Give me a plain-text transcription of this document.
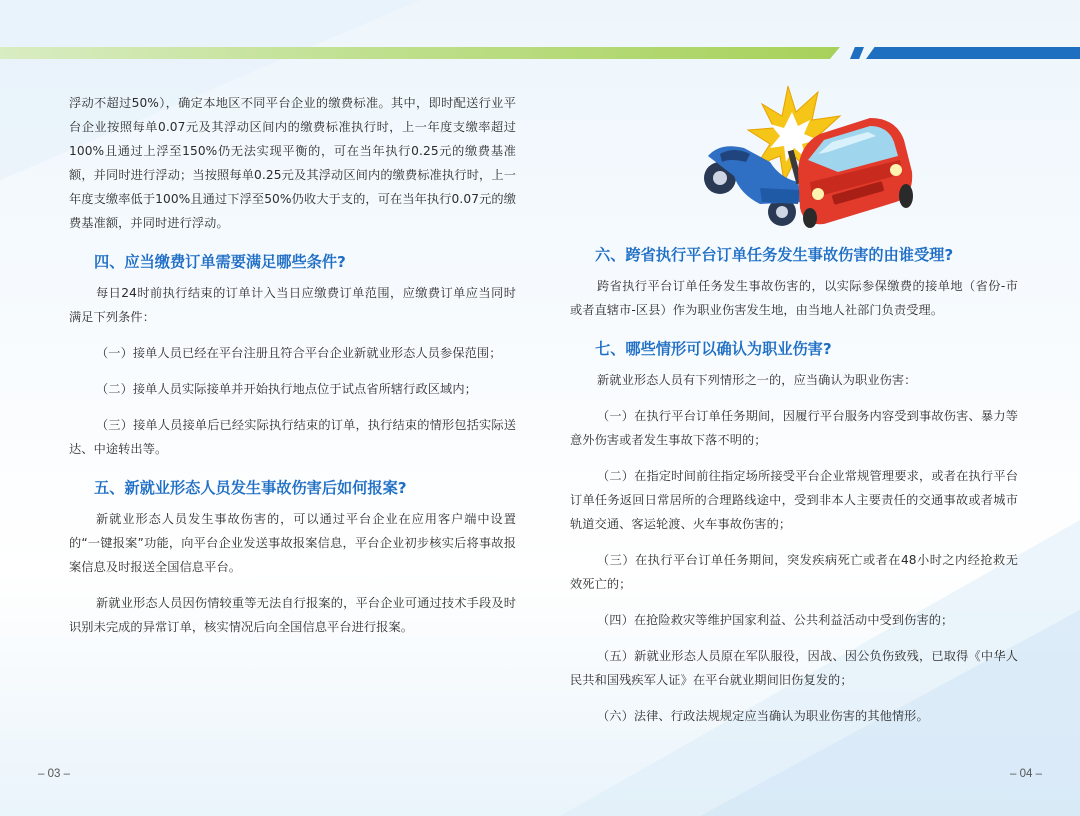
浮动不超过50%），确定本地区不同平台企业的缴费标准。其中，即时配送行业平台企业按照每单0.07元及其浮动区间内的缴费标准执行时，上一年度支缴率超过100%且通过上浮至150%仍无法实现平衡的，可在当年执行0.25元的缴费基准额，并同时进行浮动；当按照每单0.25元及其浮动区间内的缴费标准执行时，上一年度支缴率低于100%且通过下浮至50%仍收大于支的，可在当年执行0.07元的缴费基准额，并同时进行浮动。

四、应当缴费订单需要满足哪些条件?

每日24时前执行结束的订单计入当日应缴费订单范围，应缴费订单应当同时满足下列条件：

（一）接单人员已经在平台注册且符合平台企业新就业形态人员参保范围；

（二）接单人员实际接单并开始执行地点位于试点省所辖行政区域内；

（三）接单人员接单后已经实际执行结束的订单，执行结束的情形包括实际送达、中途转出等。

五、新就业形态人员发生事故伤害后如何报案?

新就业形态人员发生事故伤害的，可以通过平台企业在应用客户端中设置的“一键报案”功能，向平台企业发送事故报案信息，平台企业初步核实后将事故报案信息及时报送全国信息平台。

新就业形态人员因伤情较重等无法自行报案的，平台企业可通过技术手段及时识别未完成的异常订单，核实情况后向全国信息平台进行报案。

六、跨省执行平台订单任务发生事故伤害的由谁受理?

跨省执行平台订单任务发生事故伤害的，以实际参保缴费的接单地（省份-市或者直辖市-区县）作为职业伤害发生地，由当地人社部门负责受理。

七、哪些情形可以确认为职业伤害?

新就业形态人员有下列情形之一的，应当确认为职业伤害：

（一）在执行平台订单任务期间，因履行平台服务内容受到事故伤害、暴力等意外伤害或者发生事故下落不明的；

（二）在指定时间前往指定场所接受平台企业常规管理要求，或者在执行平台订单任务返回日常居所的合理路线途中，受到非本人主要责任的交通事故或者城市轨道交通、客运轮渡、火车事故伤害的；

（三）在执行平台订单任务期间，突发疾病死亡或者在48小时之内经抢救无效死亡的；

（四）在抢险救灾等维护国家利益、公共利益活动中受到伤害的；

（五）新就业形态人员原在军队服役，因战、因公负伤致残，已取得《中华人民共和国残疾军人证》在平台就业期间旧伤复发的；

（六）法律、行政法规规定应当确认为职业伤害的其他情形。

– 03 –	– 04 –
